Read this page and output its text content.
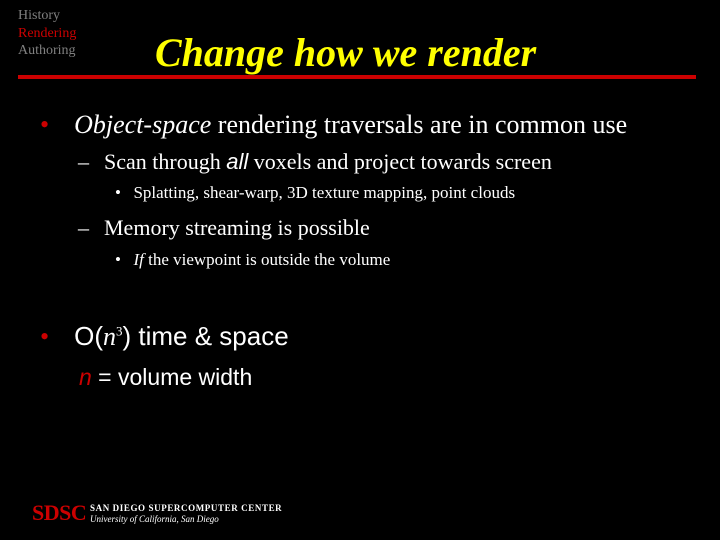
History
Rendering
Authoring Change how we render
• Object-space rendering traversals are in common use
– Scan through all voxels and project towards screen
• Splatting, shear-warp, 3D texture mapping, point clouds
– Memory streaming is possible
• If the viewpoint is outside the volume
• $O(n^3)$ time & space
n = volume width
SDSC SAN DIEGO SUPERCOMPUTER CENTER
University of California, San Diego
